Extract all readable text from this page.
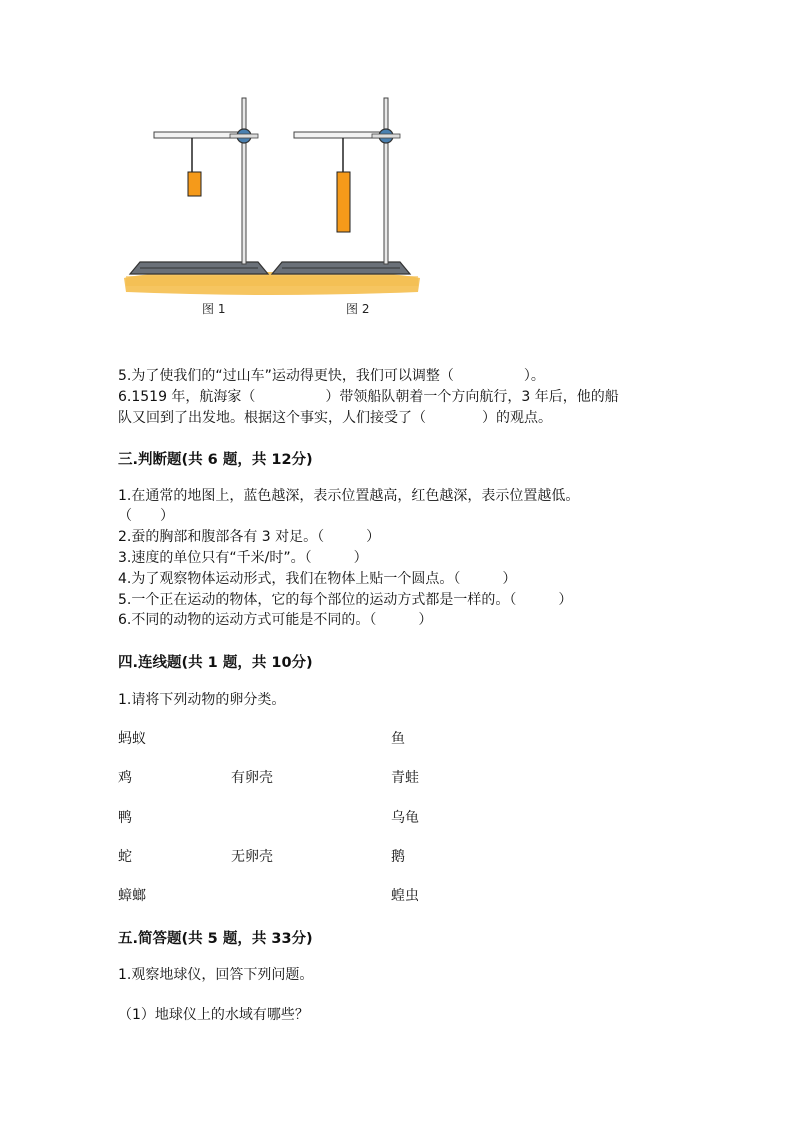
图 1	图 2
5.为了使我们的“过山车”运动得更快，我们可以调整（　　　　　）。
6.1519 年，航海家（　　　　　）带领船队朝着一个方向航行，3 年后，他的船
队又回到了出发地。根据这个事实，人们接受了（　　　　）的观点。
三.判断题(共 6 题，共 12分)
1.在通常的地图上，蓝色越深，表示位置越高，红色越深，表示位置越低。
（　　）
2.蚕的胸部和腹部各有 3 对足。（　　　）
3.速度的单位只有“千米/时”。（　　　）
4.为了观察物体运动形式，我们在物体上贴一个圆点。（　　　）
5.一个正在运动的物体，它的每个部位的运动方式都是一样的。（　　　）
6.不同的动物的运动方式可能是不同的。（　　　）
四.连线题(共 1 题，共 10分)
1.请将下列动物的卵分类。
蚂蚁
鸡
鸭
蛇
蟑螂
有卵壳
无卵壳
鱼
青蛙
乌龟
鹅
蝗虫
五.简答题(共 5 题，共 33分)
1.观察地球仪，回答下列问题。
（1）地球仪上的水域有哪些？
